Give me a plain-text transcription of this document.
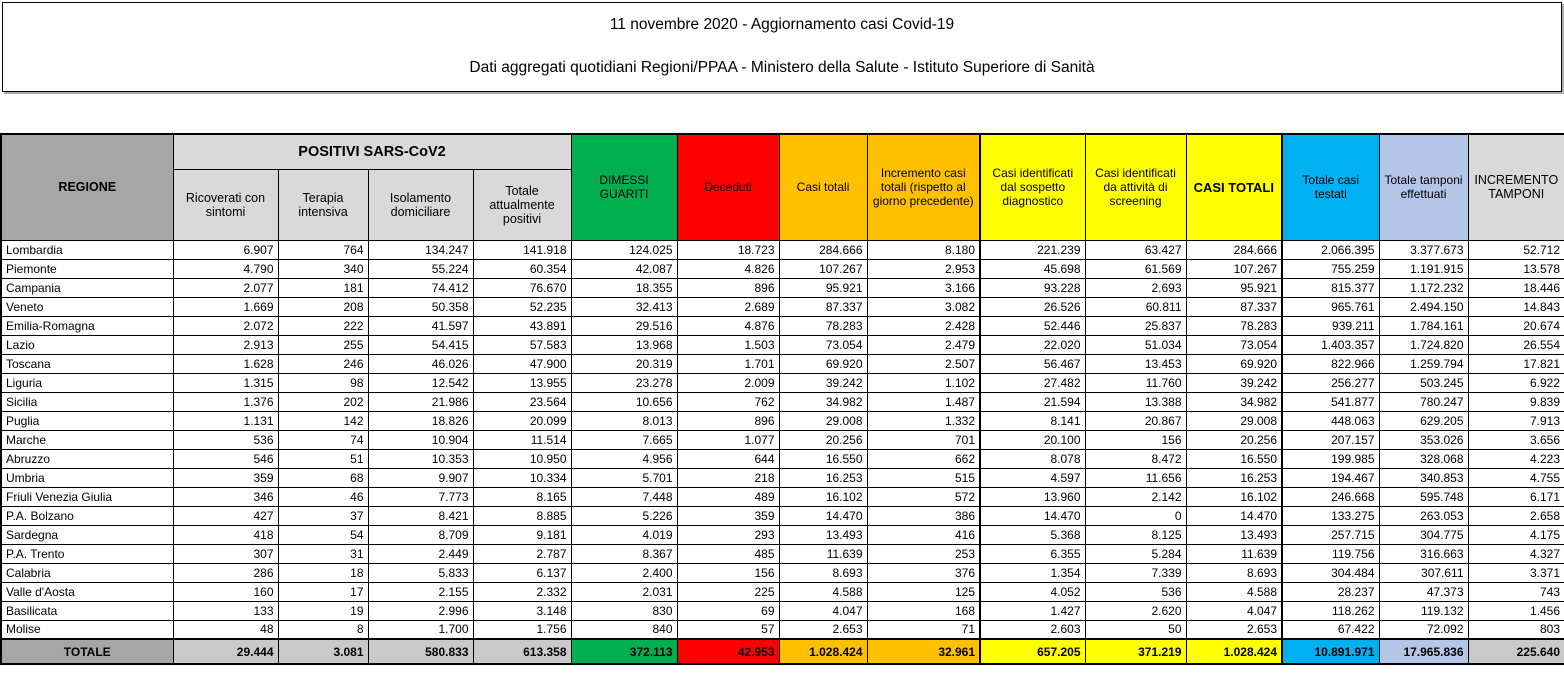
11 novembre 2020 - Aggiornamento casi Covid-19
Dati aggregati quotidiani Regioni/PPAA - Ministero della Salute - Istituto Superiore di Sanità
REGIONE	POSITIVI SARS-CoV2				DIMESSI GUARITI	Deceduti	Casi totali	Incremento casi totali (rispetto al giorno precedente)	Casi identificati dal sospetto diagnostico	Casi identificati da attività di screening	CASI TOTALI	Totale casi testati	Totale tamponi effettuati	INCREMENTO TAMPONI
	Ricoverati con sintomi	Terapia intensiva	Isolamento domiciliare	Totale attualmente positivi										
Lombardia	6.907	764	134.247	141.918	124.025	18.723	284.666	8.180	221.239	63.427	284.666	2.066.395	3.377.673	52.712
Piemonte	4.790	340	55.224	60.354	42.087	4.826	107.267	2.953	45.698	61.569	107.267	755.259	1.191.915	13.578
Campania	2.077	181	74.412	76.670	18.355	896	95.921	3.166	93.228	2.693	95.921	815.377	1.172.232	18.446
Veneto	1.669	208	50.358	52.235	32.413	2.689	87.337	3.082	26.526	60.811	87.337	965.761	2.494.150	14.843
Emilia-Romagna	2.072	222	41.597	43.891	29.516	4.876	78.283	2.428	52.446	25.837	78.283	939.211	1.784.161	20.674
Lazio	2.913	255	54.415	57.583	13.968	1.503	73.054	2.479	22.020	51.034	73.054	1.403.357	1.724.820	26.554
Toscana	1.628	246	46.026	47.900	20.319	1.701	69.920	2.507	56.467	13.453	69.920	822.966	1.259.794	17.821
Liguria	1.315	98	12.542	13.955	23.278	2.009	39.242	1.102	27.482	11.760	39.242	256.277	503.245	6.922
Sicilia	1.376	202	21.986	23.564	10.656	762	34.982	1.487	21.594	13.388	34.982	541.877	780.247	9.839
Puglia	1.131	142	18.826	20.099	8.013	896	29.008	1.332	8.141	20.867	29.008	448.063	629.205	7.913
Marche	536	74	10.904	11.514	7.665	1.077	20.256	701	20.100	156	20.256	207.157	353.026	3.656
Abruzzo	546	51	10.353	10.950	4.956	644	16.550	662	8.078	8.472	16.550	199.985	328.068	4.223
Umbria	359	68	9.907	10.334	5.701	218	16.253	515	4.597	11.656	16.253	194.467	340.853	4.755
Friuli Venezia Giulia	346	46	7.773	8.165	7.448	489	16.102	572	13.960	2.142	16.102	246.668	595.748	6.171
P.A. Bolzano	427	37	8.421	8.885	5.226	359	14.470	386	14.470	0	14.470	133.275	263.053	2.658
Sardegna	418	54	8.709	9.181	4.019	293	13.493	416	5.368	8.125	13.493	257.715	304.775	4.175
P.A. Trento	307	31	2.449	2.787	8.367	485	11.639	253	6.355	5.284	11.639	119.756	316.663	4.327
Calabria	286	18	5.833	6.137	2.400	156	8.693	376	1.354	7.339	8.693	304.484	307.611	3.371
Valle d'Aosta	160	17	2.155	2.332	2.031	225	4.588	125	4.052	536	4.588	28.237	47.373	743
Basilicata	133	19	2.996	3.148	830	69	4.047	168	1.427	2.620	4.047	118.262	119.132	1.456
Molise	48	8	1.700	1.756	840	57	2.653	71	2.603	50	2.653	67.422	72.092	803
TOTALE	29.444	3.081	580.833	613.358	372.113	42.953	1.028.424	32.961	657.205	371.219	1.028.424	10.891.971	17.965.836	225.640
